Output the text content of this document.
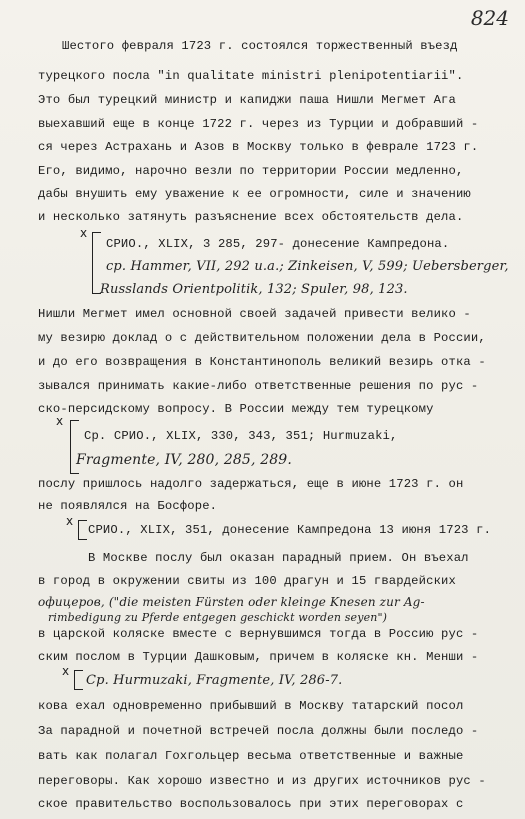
824
Шестого февраля 1723 г. состоялся торжественный въезд
турецкого посла "in qualitate ministri plenipotentiarii".
Это был турецкий министр и капиджи паша Нишли Мегмет Ага
выехавший еще в конце 1722 г. через из Турции и добравший -
ся через Астрахань и Азов в Москву только в феврале 1723 г.
Его, видимо, нарочно везли по территории России медленно,
дабы внушить ему уважение к ее огромности, силе и значению
и несколько затянуть разъяснение всех обстоятельств дела.
x
СРИО., XLIX, 3 285, 297- донесение Кампредона.
ср. Hammer, VII, 292 u.a.; Zinkeisen, V, 599; Uebersberger,
Russlands Orientpolitik, 132; Spuler, 98, 123.
Нишли Мегмет имел основной своей задачей привести велико -
му везирю доклад о с действительном положении дела в России,
и до его возвращения в Константинополь великий везирь отка -
зывался принимать какие-либо ответственные решения по рус -
ско-персидскому вопросу. В России между тем турецкому
x
Ср. СРИО., XLIX, 330, 343, 351; Hurmuzaki,
Fragmente, IV, 280, 285, 289.
послу пришлось надолго задержаться, еще в июне 1723 г. он
не появлялся на Босфоре.
x
СРИО., XLIX, 351, донесение Кампредона 13 июня 1723 г.
В Москве послу был оказан парадный прием. Он въехал
в город в окружении свиты из 100 драгун и 15 гвардейских
офицеров, ("die meisten Fürsten oder kleinge Knesen zur Ag-
rimbedigung zu Pferde entgegen geschickt worden seyen")
в царской коляске вместе с вернувшимся тогда в Россию рус -
ским послом в Турции Дашковым, причем в коляске кн. Менши -
x
Ср. Hurmuzaki, Fragmente, IV, 286-7.
кова ехал одновременно прибывший в Москву татарский посол
За парадной и почетной встречей посла должны были последо -
вать как полагал Гохгольцер весьма ответственные и важные
переговоры. Как хорошо известно и из других источников рус -
ское правительство воспользовалось при этих переговорах с
